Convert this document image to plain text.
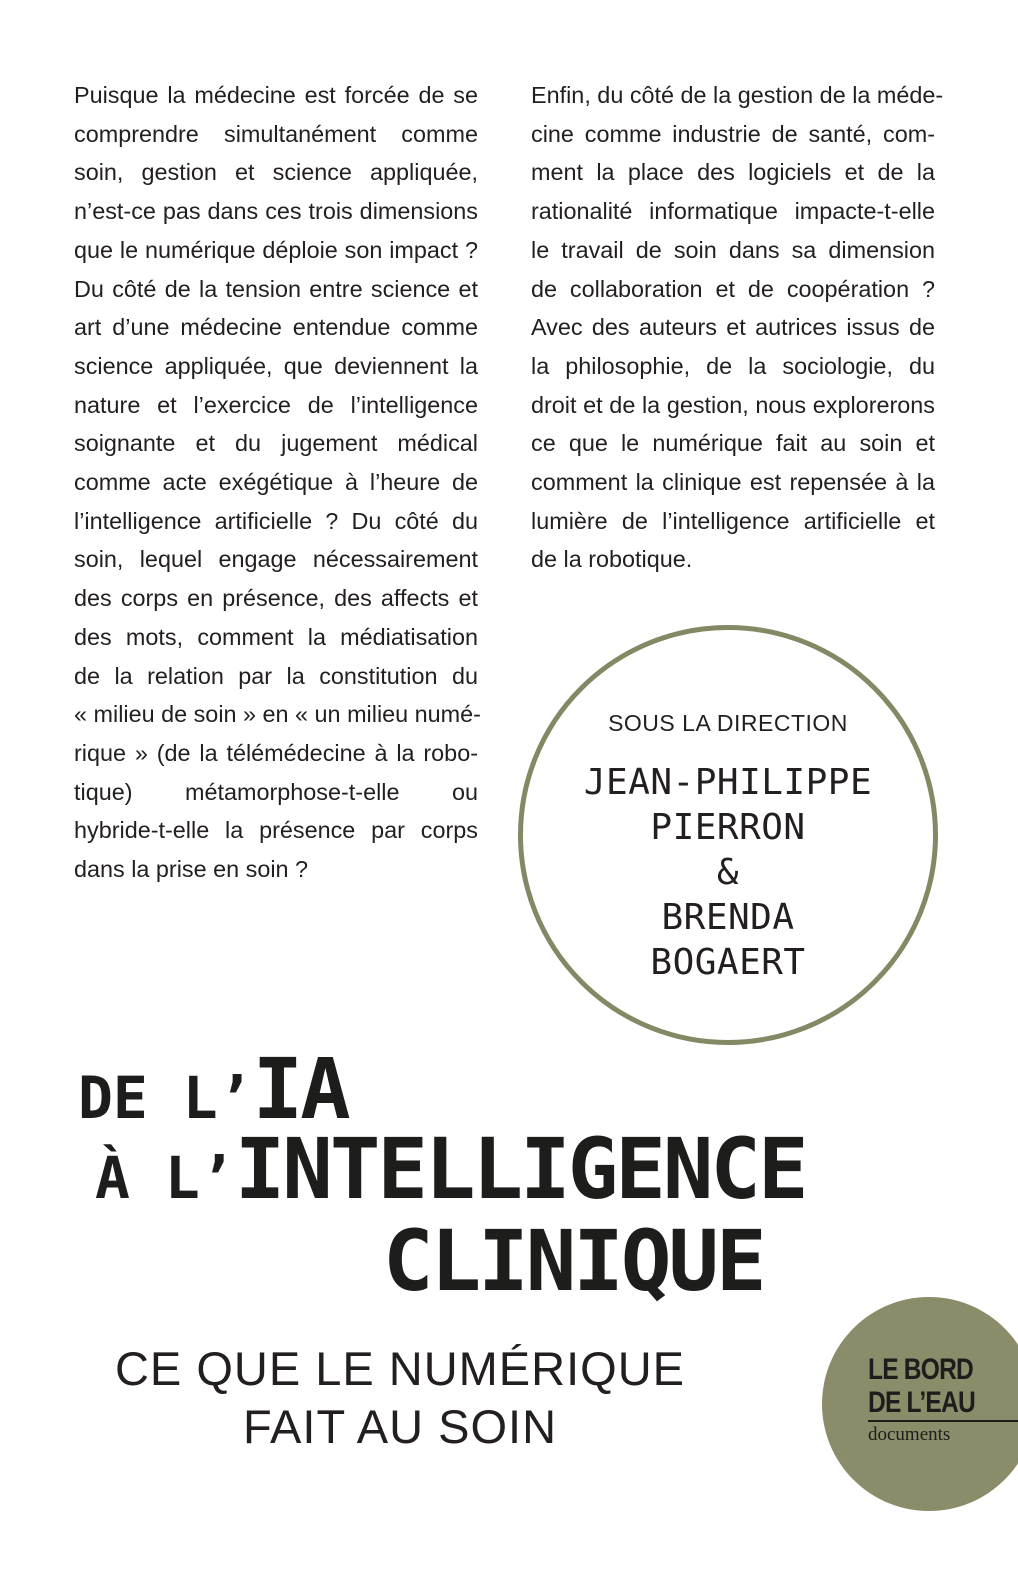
Puisque la médecine est forcée de se
comprendre simultanément comme
soin, gestion et science appliquée,
n’est-ce pas dans ces trois dimensions
que le numérique déploie son impact ?
Du côté de la tension entre science et
art d’une médecine entendue comme
science appliquée, que deviennent la
nature et l’exercice de l’intelligence
soignante et du jugement médical
comme acte exégétique à l’heure de
l’intelligence artificielle ? Du côté du
soin, lequel engage nécessairement
des corps en présence, des affects et
des mots, comment la médiatisation
de la relation par la constitution du
« milieu de soin » en « un milieu numé-
rique » (de la télémédecine à la robo-
tique) métamorphose-t-elle ou
hybride-t-elle la présence par corps
dans la prise en soin ?
Enfin, du côté de la gestion de la méde-
cine comme industrie de santé, com-
ment la place des logiciels et de la
rationalité informatique impacte-t-elle
le travail de soin dans sa dimension
de collaboration et de coopération ?
Avec des auteurs et autrices issus de
la philosophie, de la sociologie, du
droit et de la gestion, nous explorerons
ce que le numérique fait au soin et
comment la clinique est repensée à la
lumière de l’intelligence artificielle et
de la robotique.
SOUS LA DIRECTION
JEAN-PHILIPPE
PIERRON
&
BRENDA
BOGAERT
DE L’IA
À L’INTELLIGENCE
CLINIQUE
CE QUE LE NUMÉRIQUE
FAIT AU SOIN
LE BORD
DE L’EAU
documents
